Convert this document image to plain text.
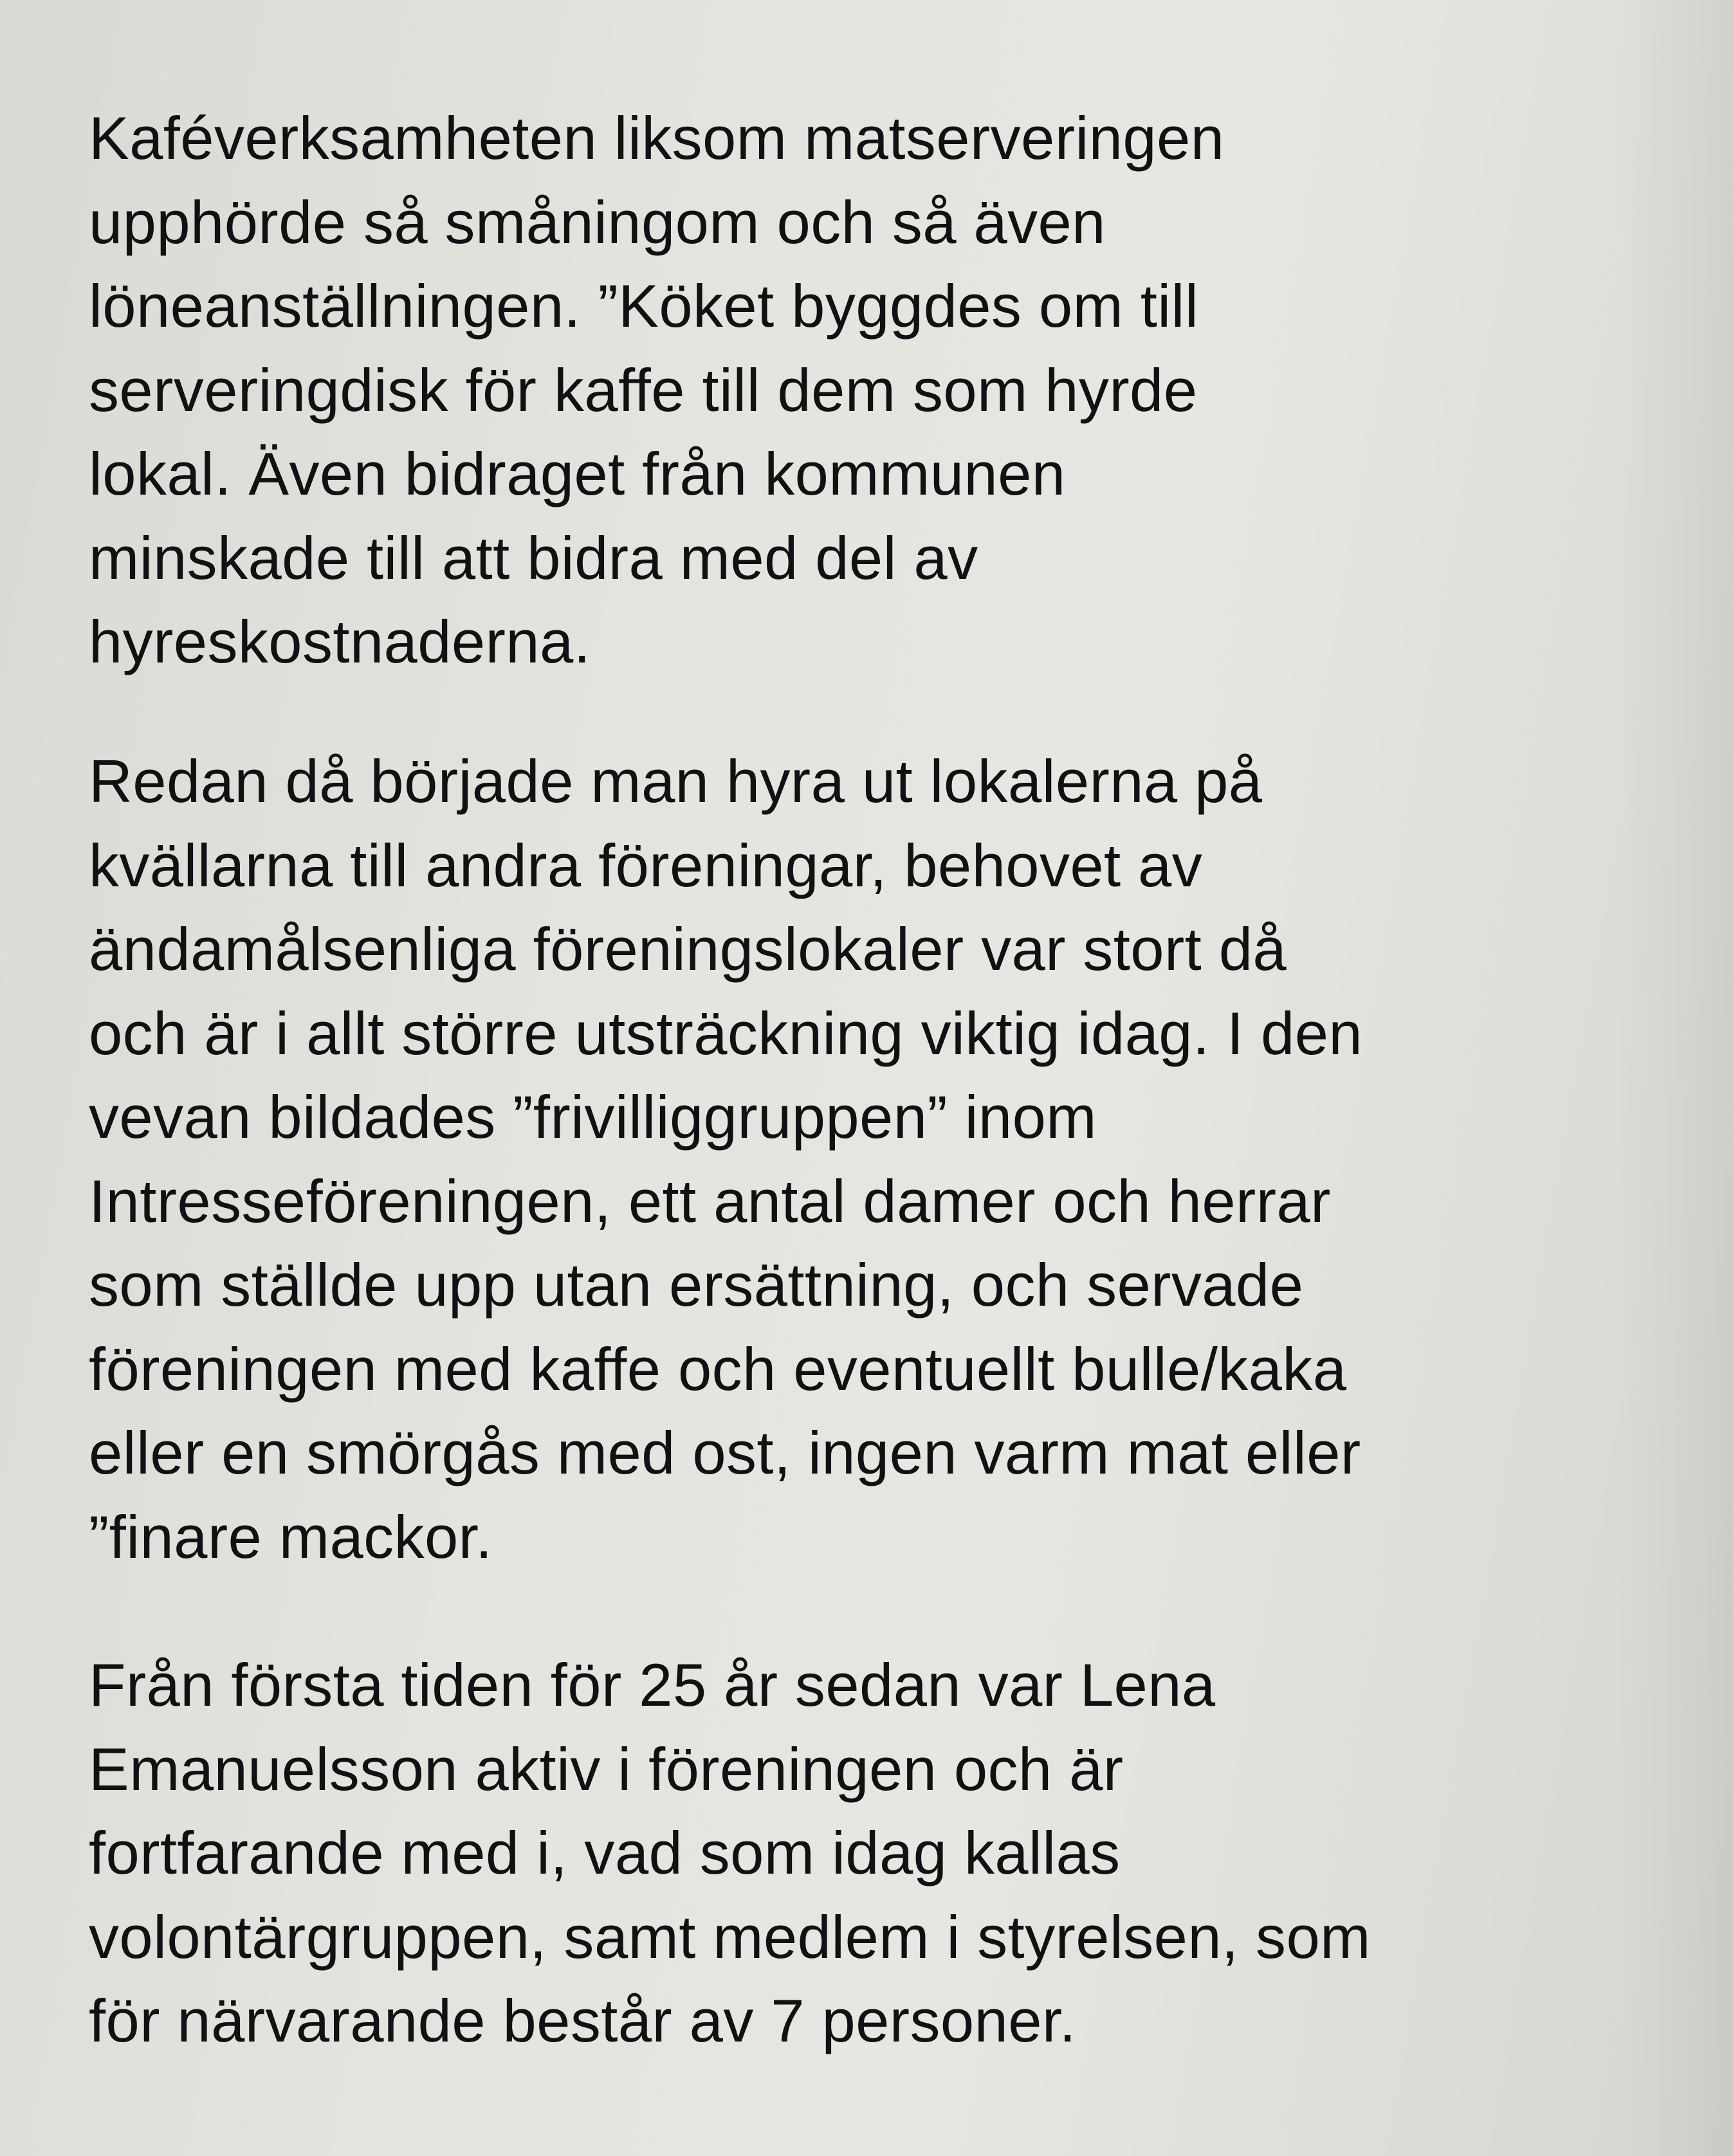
Kaféverksamheten liksom matserveringen
upphörde så småningom och så även
löneanställningen. ”Köket byggdes om till
serveringdisk för kaffe till dem som hyrde
lokal. Även bidraget från kommunen
minskade till att bidra med del av
hyreskostnaderna.

Redan då började man hyra ut lokalerna på
kvällarna till andra föreningar, behovet av
ändamålsenliga föreningslokaler var stort då
och är i allt större utsträckning viktig idag. I den
vevan bildades ”frivilliggruppen” inom
Intresseföreningen, ett antal damer och herrar
som ställde upp utan ersättning, och servade
föreningen med kaffe och eventuellt bulle/kaka
eller en smörgås med ost, ingen varm mat eller
”finare mackor.

Från första tiden för 25 år sedan var Lena
Emanuelsson aktiv i föreningen och är
fortfarande med i, vad som idag kallas
volontärgruppen, samt medlem i styrelsen, som
för närvarande består av 7 personer.
